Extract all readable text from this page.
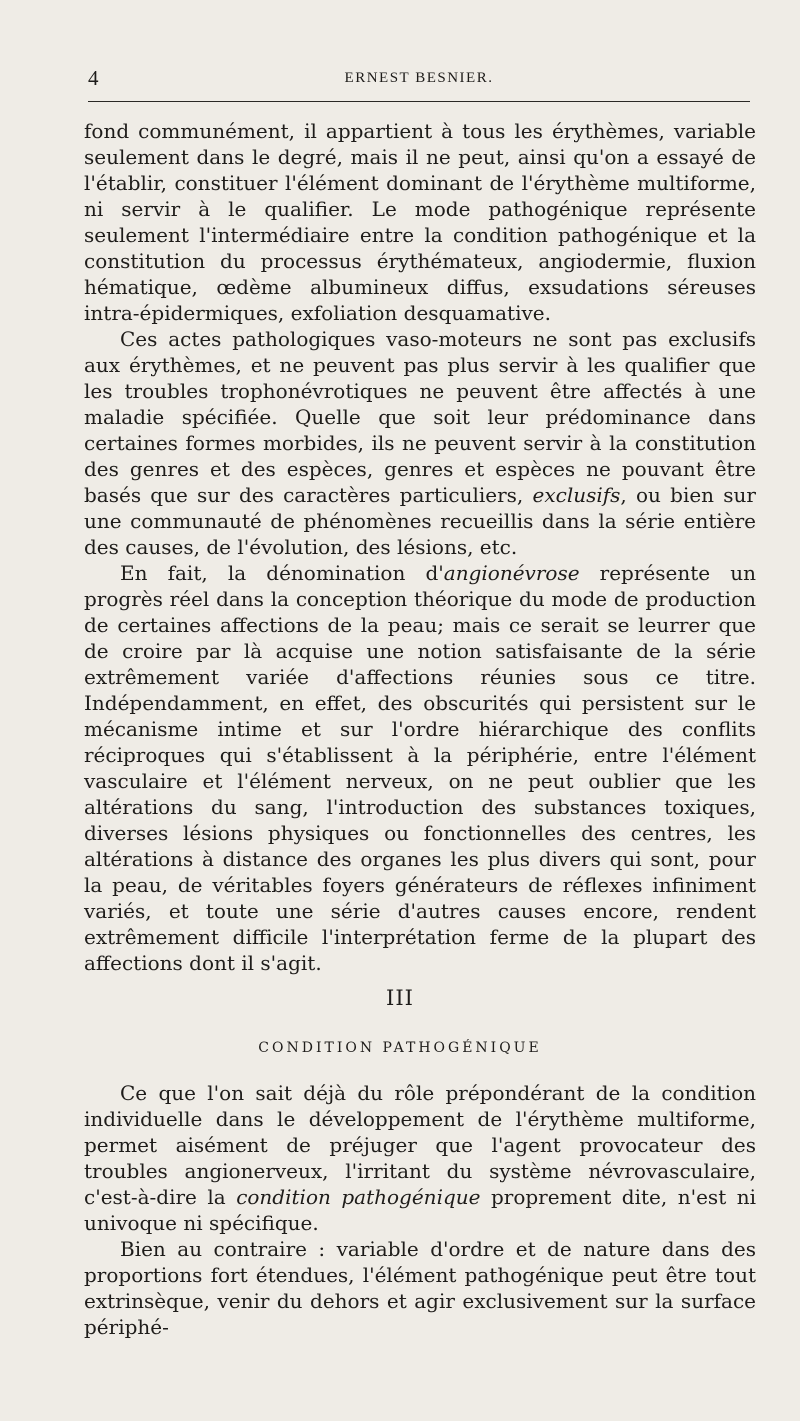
4	ERNEST BESNIER.

fond communément, il appartient à tous les érythèmes, variable seulement dans le degré, mais il ne peut, ainsi qu'on a essayé de l'établir, constituer l'élément dominant de l'érythème multiforme, ni servir à le qualifier. Le mode pathogénique représente seulement l'intermédiaire entre la condition pathogénique et la constitution du processus érythémateux, angiodermie, fluxion hématique, œdème albumineux diffus, exsudations séreuses intra-épidermiques, exfoliation desquamative.

Ces actes pathologiques vaso-moteurs ne sont pas exclusifs aux érythèmes, et ne peuvent pas plus servir à les qualifier que les troubles trophonévrotiques ne peuvent être affectés à une maladie spécifiée. Quelle que soit leur prédominance dans certaines formes morbides, ils ne peuvent servir à la constitution des genres et des espèces, genres et espèces ne pouvant être basés que sur des caractères particuliers, exclusifs, ou bien sur une communauté de phénomènes recueillis dans la série entière des causes, de l'évolution, des lésions, etc.

En fait, la dénomination d'angionévrose représente un progrès réel dans la conception théorique du mode de production de certaines affections de la peau; mais ce serait se leurrer que de croire par là acquise une notion satisfaisante de la série extrêmement variée d'affections réunies sous ce titre. Indépendamment, en effet, des obscurités qui persistent sur le mécanisme intime et sur l'ordre hiérarchique des conflits réciproques qui s'établissent à la périphérie, entre l'élément vasculaire et l'élément nerveux, on ne peut oublier que les altérations du sang, l'introduction des substances toxiques, diverses lésions physiques ou fonctionnelles des centres, les altérations à distance des organes les plus divers qui sont, pour la peau, de véritables foyers générateurs de réflexes infiniment variés, et toute une série d'autres causes encore, rendent extrêmement difficile l'interprétation ferme de la plupart des affections dont il s'agit.

III
CONDITION PATHOGÉNIQUE

Ce que l'on sait déjà du rôle prépondérant de la condition individuelle dans le développement de l'érythème multiforme, permet aisément de préjuger que l'agent provocateur des troubles angionerveux, l'irritant du système névrovasculaire, c'est-à-dire la condition pathogénique proprement dite, n'est ni univoque ni spécifique.

Bien au contraire : variable d'ordre et de nature dans des proportions fort étendues, l'élément pathogénique peut être tout extrinsèque, venir du dehors et agir exclusivement sur la surface périphé-
